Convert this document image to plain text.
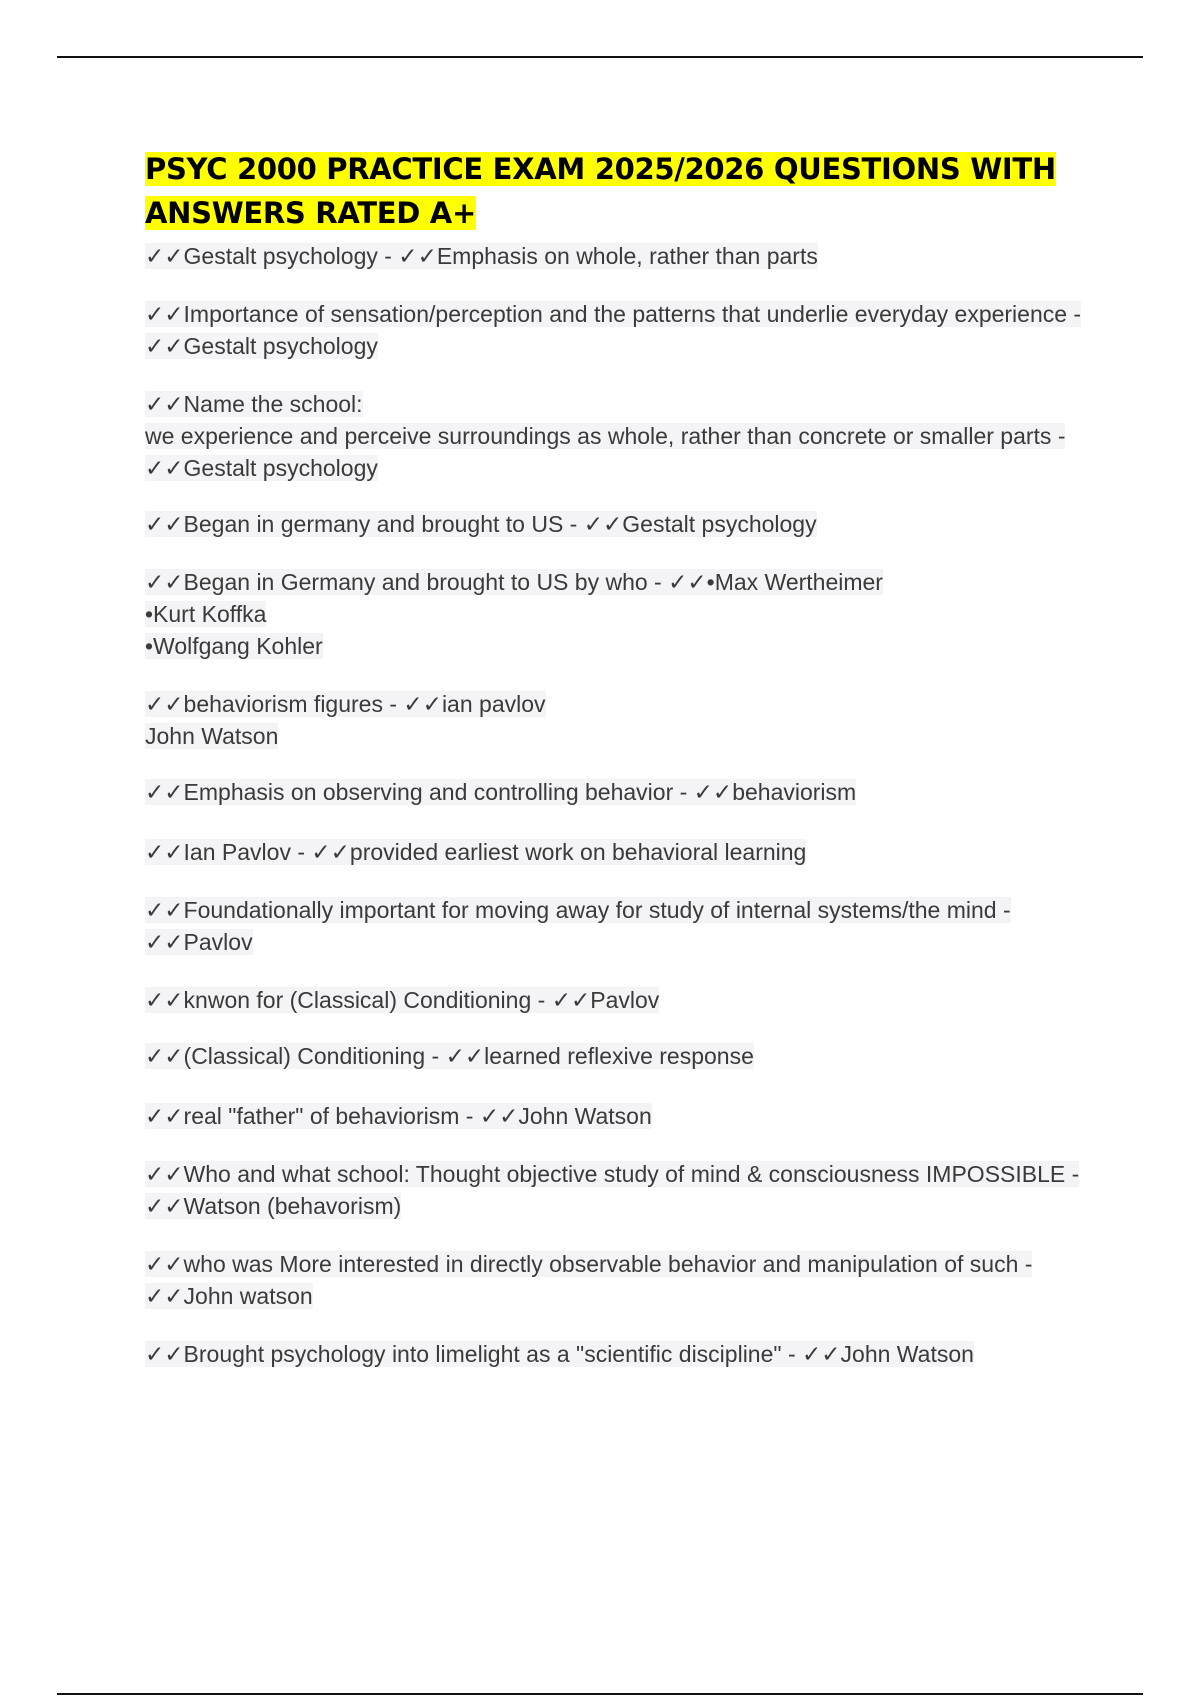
PSYC 2000 PRACTICE EXAM 2025/2026 QUESTIONS WITH ANSWERS RATED A+
✓✓Gestalt psychology - ✓✓Emphasis on whole, rather than parts
✓✓Importance of sensation/perception and the patterns that underlie everyday experience - ✓✓Gestalt psychology
✓✓Name the school:
we experience and perceive surroundings as whole, rather than concrete or smaller parts - ✓✓Gestalt psychology
✓✓Began in germany and brought to US - ✓✓Gestalt psychology
✓✓Began in Germany and brought to US by who - ✓✓•Max Wertheimer
•Kurt Koffka
•Wolfgang Kohler
✓✓behaviorism figures - ✓✓ian pavlov
John Watson
✓✓Emphasis on observing and controlling behavior - ✓✓behaviorism
✓✓Ian Pavlov - ✓✓provided earliest work on behavioral learning
✓✓Foundationally important for moving away for study of internal systems/the mind - ✓✓Pavlov
✓✓knwon for (Classical) Conditioning - ✓✓Pavlov
✓✓(Classical) Conditioning - ✓✓learned reflexive response
✓✓real "father" of behaviorism - ✓✓John Watson
✓✓Who and what school: Thought objective study of mind & consciousness IMPOSSIBLE - ✓✓Watson (behavorism)
✓✓who was More interested in directly observable behavior and manipulation of such - ✓✓John watson
✓✓Brought psychology into limelight as a "scientific discipline" - ✓✓John Watson
